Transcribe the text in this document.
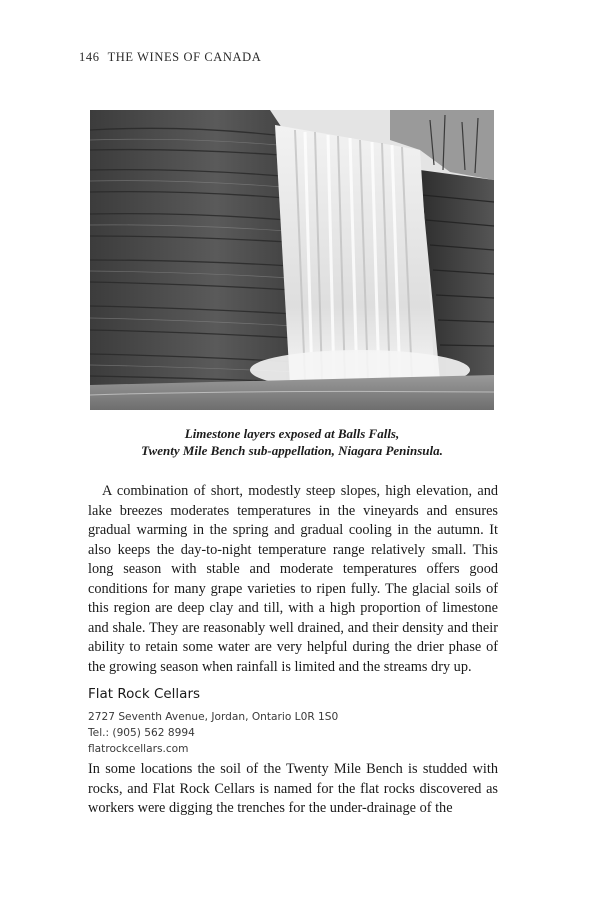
146 THE WINES OF CANADA
Limestone layers exposed at Balls Falls,
Twenty Mile Bench sub-appellation, Niagara Peninsula.

A combination of short, modestly steep slopes, high elevation, and lake breezes moderates temperatures in the vineyards and ensures gradual warming in the spring and gradual cooling in the autumn. It also keeps the day-to-night temperature range relatively small. This long season with stable and moderate temperatures offers good conditions for many grape varieties to ripen fully. The glacial soils of this region are deep clay and till, with a high proportion of limestone and shale. They are reasonably well drained, and their density and their ability to retain some water are very helpful during the drier phase of the growing season when rainfall is limited and the streams dry up.

Flat Rock Cellars
2727 Seventh Avenue, Jordan, Ontario L0R 1S0
Tel.: (905) 562 8994
flatrockcellars.com

In some locations the soil of the Twenty Mile Bench is studded with rocks, and Flat Rock Cellars is named for the flat rocks discovered as workers were digging the trenches for the under-drainage of the
